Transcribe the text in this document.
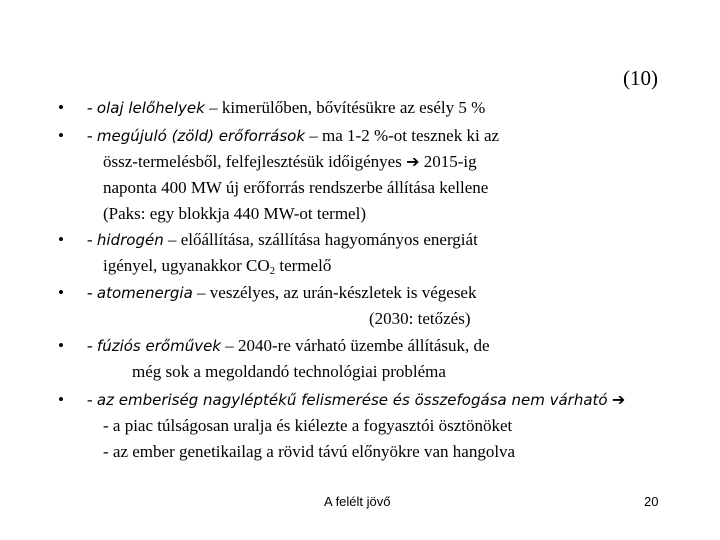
(10)
•
•
•
•
•
•
- olaj lelőhelyek – kimerülőben, bővítésükre az esély 5 %
- megújuló (zöld) erőforrások – ma 1-2 %-ot tesznek ki az
össz-termelésből, felfejlesztésük időigényes ➔ 2015-ig
naponta 400 MW új erőforrás rendszerbe állítása kellene
(Paks: egy blokkja 440 MW-ot termel)
- hidrogén – előállítása, szállítása hagyományos energiát
igényel, ugyanakkor $CO_2$ termelő
- atomenergia – veszélyes, az urán-készletek is végesek
(2030: tetőzés)
- fúziós erőművek – 2040-re várható üzembe állításuk, de
még sok a megoldandó technológiai probléma
- az emberiség nagyléptékű felismerése és összefogása nem várható ➔
- a piac túlságosan uralja és kiélezte a fogyasztói ösztönöket
- az ember genetikailag a rövid távú előnyökre van hangolva
A felélt jövő	20
